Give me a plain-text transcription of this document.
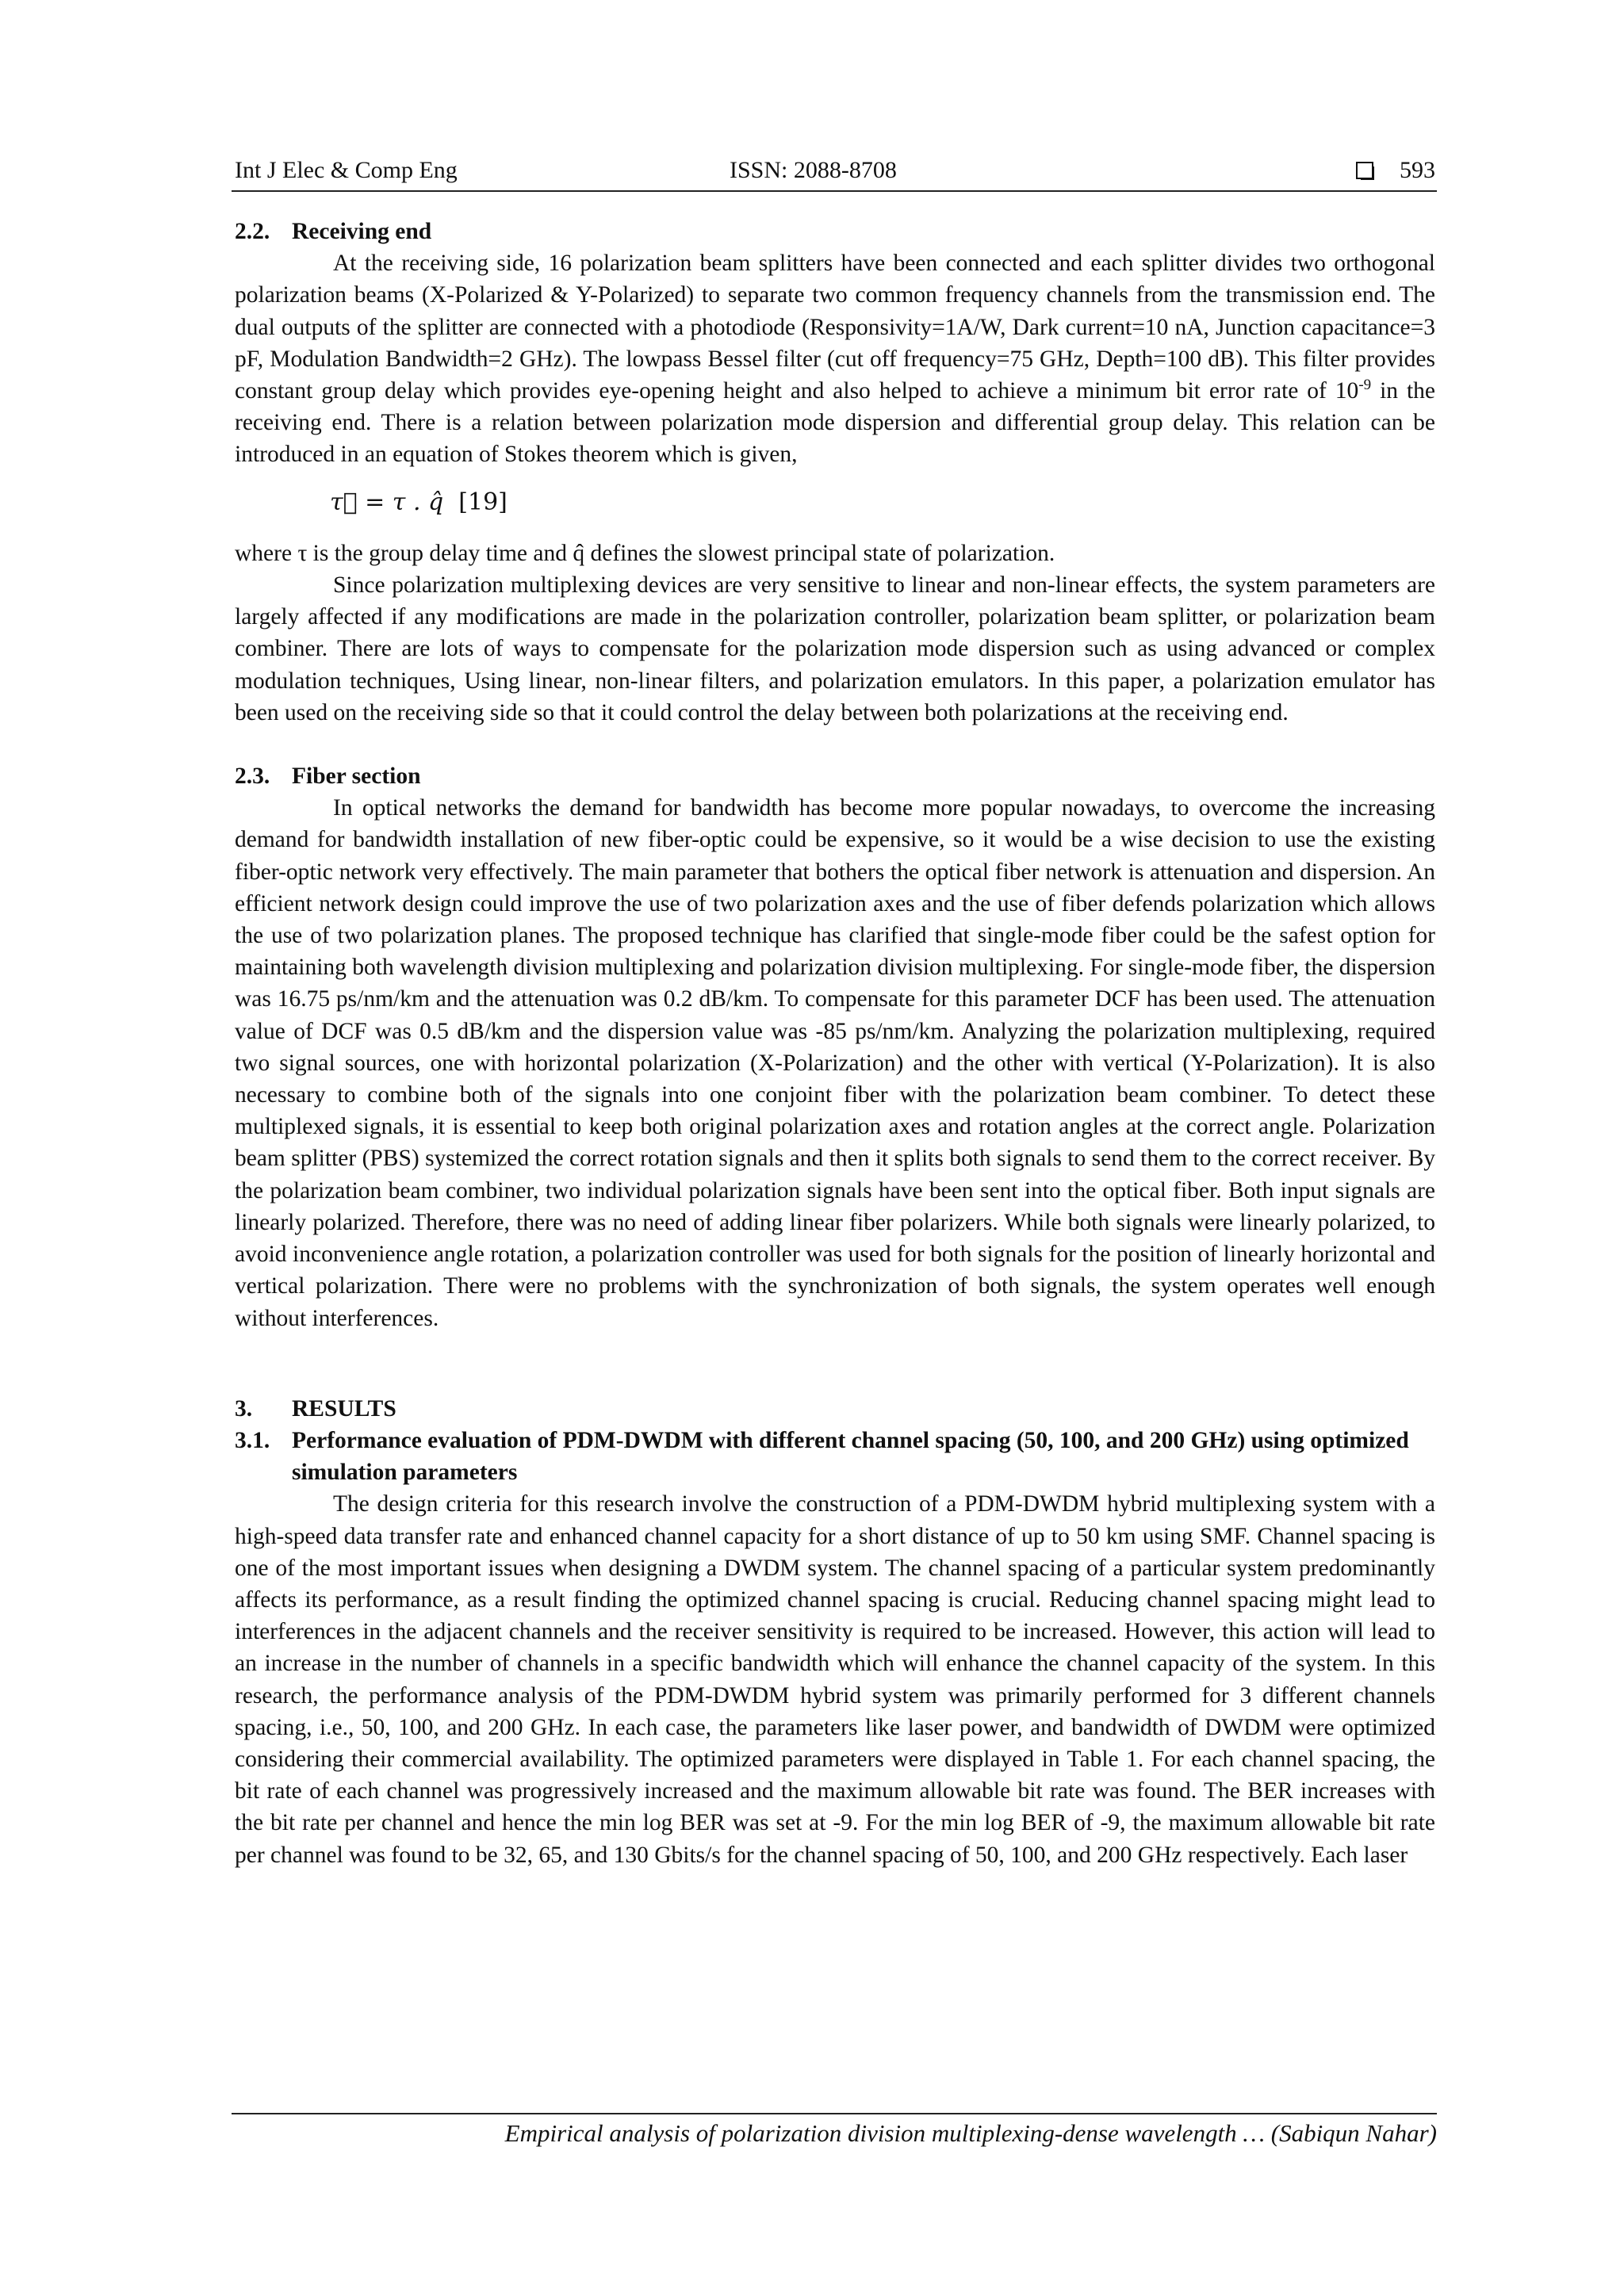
Int J Elec & Comp Eng	ISSN: 2088-8708	593
2.2. Receiving end

At the receiving side, 16 polarization beam splitters have been connected and each splitter divides two orthogonal polarization beams (X-Polarized & Y-Polarized) to separate two common frequency channels from the transmission end. The dual outputs of the splitter are connected with a photodiode (Responsivity=1A/W, Dark current=10 nA, Junction capacitance=3 pF, Modulation Bandwidth=2 GHz). The lowpass Bessel filter (cut off frequency=75 GHz, Depth=100 dB). This filter provides constant group delay which provides eye-opening height and also helped to achieve a minimum bit error rate of $10^{-9}$ in the receiving end. There is a relation between polarization mode dispersion and differential group delay. This relation can be introduced in an equation of Stokes theorem which is given,

τ⃗ = τ . q̂ [19]

where τ is the group delay time and q̂ defines the slowest principal state of polarization.

Since polarization multiplexing devices are very sensitive to linear and non-linear effects, the system parameters are largely affected if any modifications are made in the polarization controller, polarization beam splitter, or polarization beam combiner. There are lots of ways to compensate for the polarization mode dispersion such as using advanced or complex modulation techniques, Using linear, non-linear filters, and polarization emulators. In this paper, a polarization emulator has been used on the receiving side so that it could control the delay between both polarizations at the receiving end.

2.3. Fiber section

In optical networks the demand for bandwidth has become more popular nowadays, to overcome the increasing demand for bandwidth installation of new fiber-optic could be expensive, so it would be a wise decision to use the existing fiber-optic network very effectively. The main parameter that bothers the optical fiber network is attenuation and dispersion. An efficient network design could improve the use of two polarization axes and the use of fiber defends polarization which allows the use of two polarization planes. The proposed technique has clarified that single-mode fiber could be the safest option for maintaining both wavelength division multiplexing and polarization division multiplexing. For single-mode fiber, the dispersion was 16.75 ps/nm/km and the attenuation was 0.2 dB/km. To compensate for this parameter DCF has been used. The attenuation value of DCF was 0.5 dB/km and the dispersion value was -85 ps/nm/km. Analyzing the polarization multiplexing, required two signal sources, one with horizontal polarization (X-Polarization) and the other with vertical (Y-Polarization). It is also necessary to combine both of the signals into one conjoint fiber with the polarization beam combiner. To detect these multiplexed signals, it is essential to keep both original polarization axes and rotation angles at the correct angle. Polarization beam splitter (PBS) systemized the correct rotation signals and then it splits both signals to send them to the correct receiver. By the polarization beam combiner, two individual polarization signals have been sent into the optical fiber. Both input signals are linearly polarized. Therefore, there was no need of adding linear fiber polarizers. While both signals were linearly polarized, to avoid inconvenience angle rotation, a polarization controller was used for both signals for the position of linearly horizontal and vertical polarization. There were no problems with the synchronization of both signals, the system operates well enough without interferences.

3. RESULTS
3.1. Performance evaluation of PDM-DWDM with different channel spacing (50, 100, and 200 GHz) using optimized simulation parameters

The design criteria for this research involve the construction of a PDM-DWDM hybrid multiplexing system with a high-speed data transfer rate and enhanced channel capacity for a short distance of up to 50 km using SMF. Channel spacing is one of the most important issues when designing a DWDM system. The channel spacing of a particular system predominantly affects its performance, as a result finding the optimized channel spacing is crucial. Reducing channel spacing might lead to interferences in the adjacent channels and the receiver sensitivity is required to be increased. However, this action will lead to an increase in the number of channels in a specific bandwidth which will enhance the channel capacity of the system. In this research, the performance analysis of the PDM-DWDM hybrid system was primarily performed for 3 different channels spacing, i.e., 50, 100, and 200 GHz. In each case, the parameters like laser power, and bandwidth of DWDM were optimized considering their commercial availability. The optimized parameters were displayed in Table 1. For each channel spacing, the bit rate of each channel was progressively increased and the maximum allowable bit rate was found. The BER increases with the bit rate per channel and hence the min log BER was set at -9. For the min log BER of -9, the maximum allowable bit rate per channel was found to be 32, 65, and 130 Gbits/s for the channel spacing of 50, 100, and 200 GHz respectively. Each laser

Empirical analysis of polarization division multiplexing-dense wavelength … (Sabiqun Nahar)
